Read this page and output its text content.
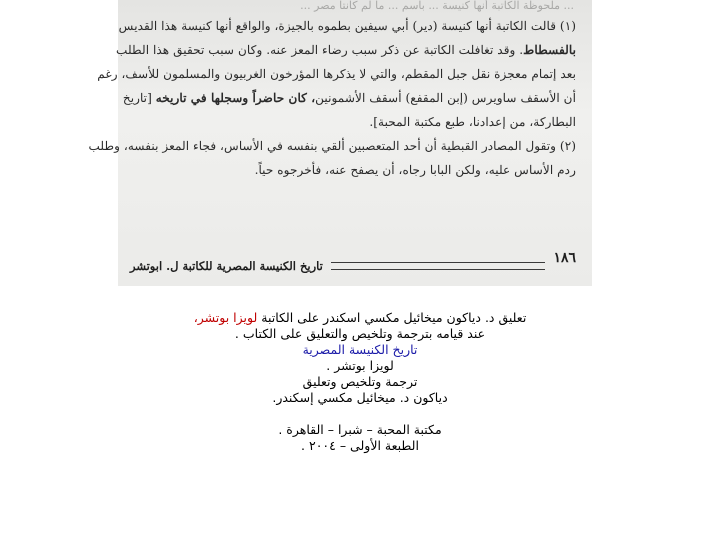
... ملحوظة الكاتبة أنها كنيسة ... بأسم ... ما لم كانتا مصر ...
(١) قالت الكاتبة أنها كنيسة (دير) أبي سيفين بطموه بالجيزة، والواقع أنها كنيسة هذا القديس
بالفسطاط. وقد تغافلت الكاتبة عن ذكر سبب رضاء المعز عنه. وكان سبب تحقيق هذا الطلب
بعد إتمام معجزة نقل جبل المقطم، والتي لا يذكرها المؤرخون الغربيون والمسلمون للأسف، رغم
أن الأسقف ساويرس (إبن المقفع) أسقف الأشمونين، كان حاضراً وسجلها في تاريخه [تاريخ
البطاركة، من إعدادنا، طبع مكتبة المحبة].
(٢) وتقول المصادر القبطية أن أحد المتعصبين ألقي بنفسه في الأساس، فجاء المعز بنفسه، وطلب
ردم الأساس عليه، ولكن البابا رجاه، أن يصفح عنه، فأخرجوه حياً.
١٨٦
تاريخ الكنيسة المصرية للكاتبة ل. ابوتشر
تعليق د. دياكون ميخائيل مكسي اسكندر على الكاتبة لويزا بوتشر،
عند قيامه بترجمة وتلخيص والتعليق على الكتاب .
تاريخ الكنيسة المصرية
لويزا بوتشر .
ترجمة وتلخيص وتعليق
دياكون د. ميخائيل مكسي إسكندر.
مكتبة المحبة – شبرا – القاهرة .
الطبعة الأولى – ٢٠٠٤ .
